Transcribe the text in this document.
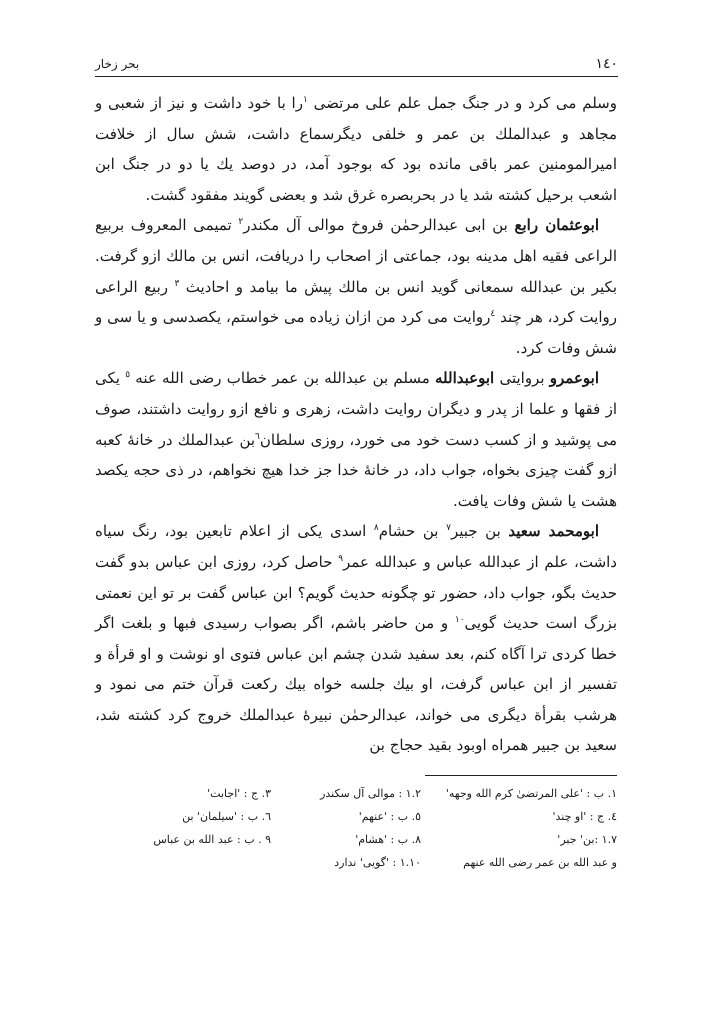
بحر زخار	١٤٠

وسلم می کرد و در جنگ جمل علم علی مرتضی $^١$را با خود داشت و نیز از شعبی و مجاهد و عبدالملك بن عمر و خلفی دیگرسماع داشت، شش سال از خلافت امیرالمومنین عمر باقی مانده بود که بوجود آمد، در دوصد یك یا دو در جنگ ابن اشعب برحیل کشته شد یا در بحربصره غرق شد و بعضی گویند مفقود گشت.

ابوعثمان رابع بن ابی عبدالرحمٰن فروخ موالی آل مکندر$^٢$ تمیمی المعروف بربیع الراعی فقیه اهل مدینه بود، جماعتی از اصحاب را دریافت، انس بن مالك ازو گرفت. بکیر بن عبدالله سمعانی گوید انس بن مالك پیش ما بیامد و احادیث $^٣$ ربیع الراعی روایت کرد، هر چند $^٤$روایت می کرد من ازان زیاده می خواستم، یکصدسی و یا سی و شش وفات کرد.

ابوعمرو بروایتی ابوعبدالله مسلم بن عبدالله بن عمر خطاب رضی الله عنه $^٥$ یکی از فقها و علما از پدر و دیگران روایت داشت، زهری و نافع ازو روایت داشتند، صوف می پوشید و از کسب دست خود می خورد، روزی سلطان$^٦$بن عبدالملك در خانۀ کعبه ازو گفت چیزی بخواه، جواب داد، در خانۀ خدا جز خدا هیچ نخواهم، در ذی حجه یکصد هشت یا شش وفات یافت.

ابومحمد سعید بن جبیر$^٧$ بن حشام$^٨$ اسدی یکی از اعلام تابعین بود، رنگ سیاه داشت، علم از عبدالله عباس و عبدالله عمر$^٩$ حاصل کرد، روزی ابن عباس بدو گفت حدیث بگو، جواب داد، حضور تو چگونه حدیث گویم؟ ابن عباس گفت بر تو این نعمتی بزرگ است حدیث گویی$^{١٠}$ و من حاضر باشم، اگر بصواب رسیدی فبها و بلغت اگر خطا کردی ترا آگاه کنم، بعد سفید شدن چشم ابن عباس فتوی او نوشت و او قرأة و تفسیر از ابن عباس گرفت، او بیك جلسه خواه بیك رکعت قرآن ختم می نمود و هرشب بقرأة دیگری می خواند، عبدالرحمٰن نبیرۀ عبدالملك خروج کرد کشته شد، سعید بن جبیر همراه اوبود بقید حجاج بن

١. ب : 'علی المرتضیٰ کرم الله وجهه'
١.٢ : موالی آل سکندر
٣. ج : 'اجابت'
٤. ج : 'او چند'
٥. ب : 'عنهم'
٦. ب : 'سیلمان' بن
١.٧ :بن' جبر'
٨. ب : 'هشام'
٩ . ب : عبد الله بن عباس
و عبد الله بن عمر رضی الله عنهم
١.١٠ : 'گویی' ندارد
